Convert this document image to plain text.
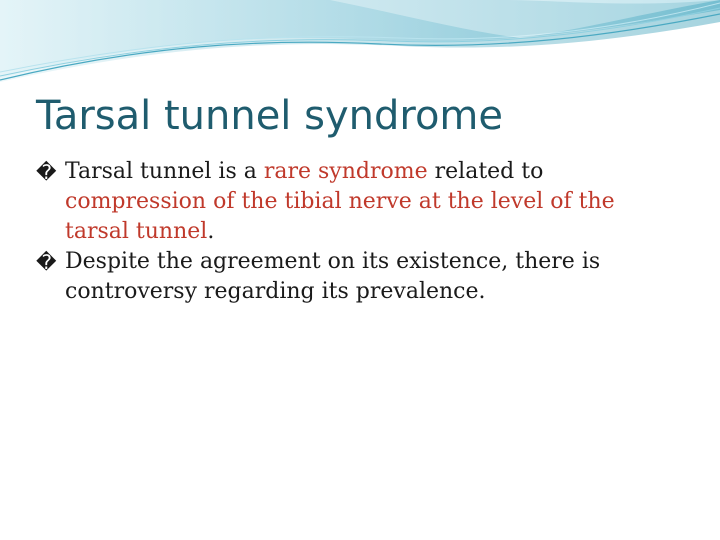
Tarsal tunnel syndrome
� Tarsal tunnel is a rare syndrome related to compression of the tibial nerve at the level of the tarsal tunnel.
� Despite the agreement on its existence, there is controversy regarding its prevalence.
